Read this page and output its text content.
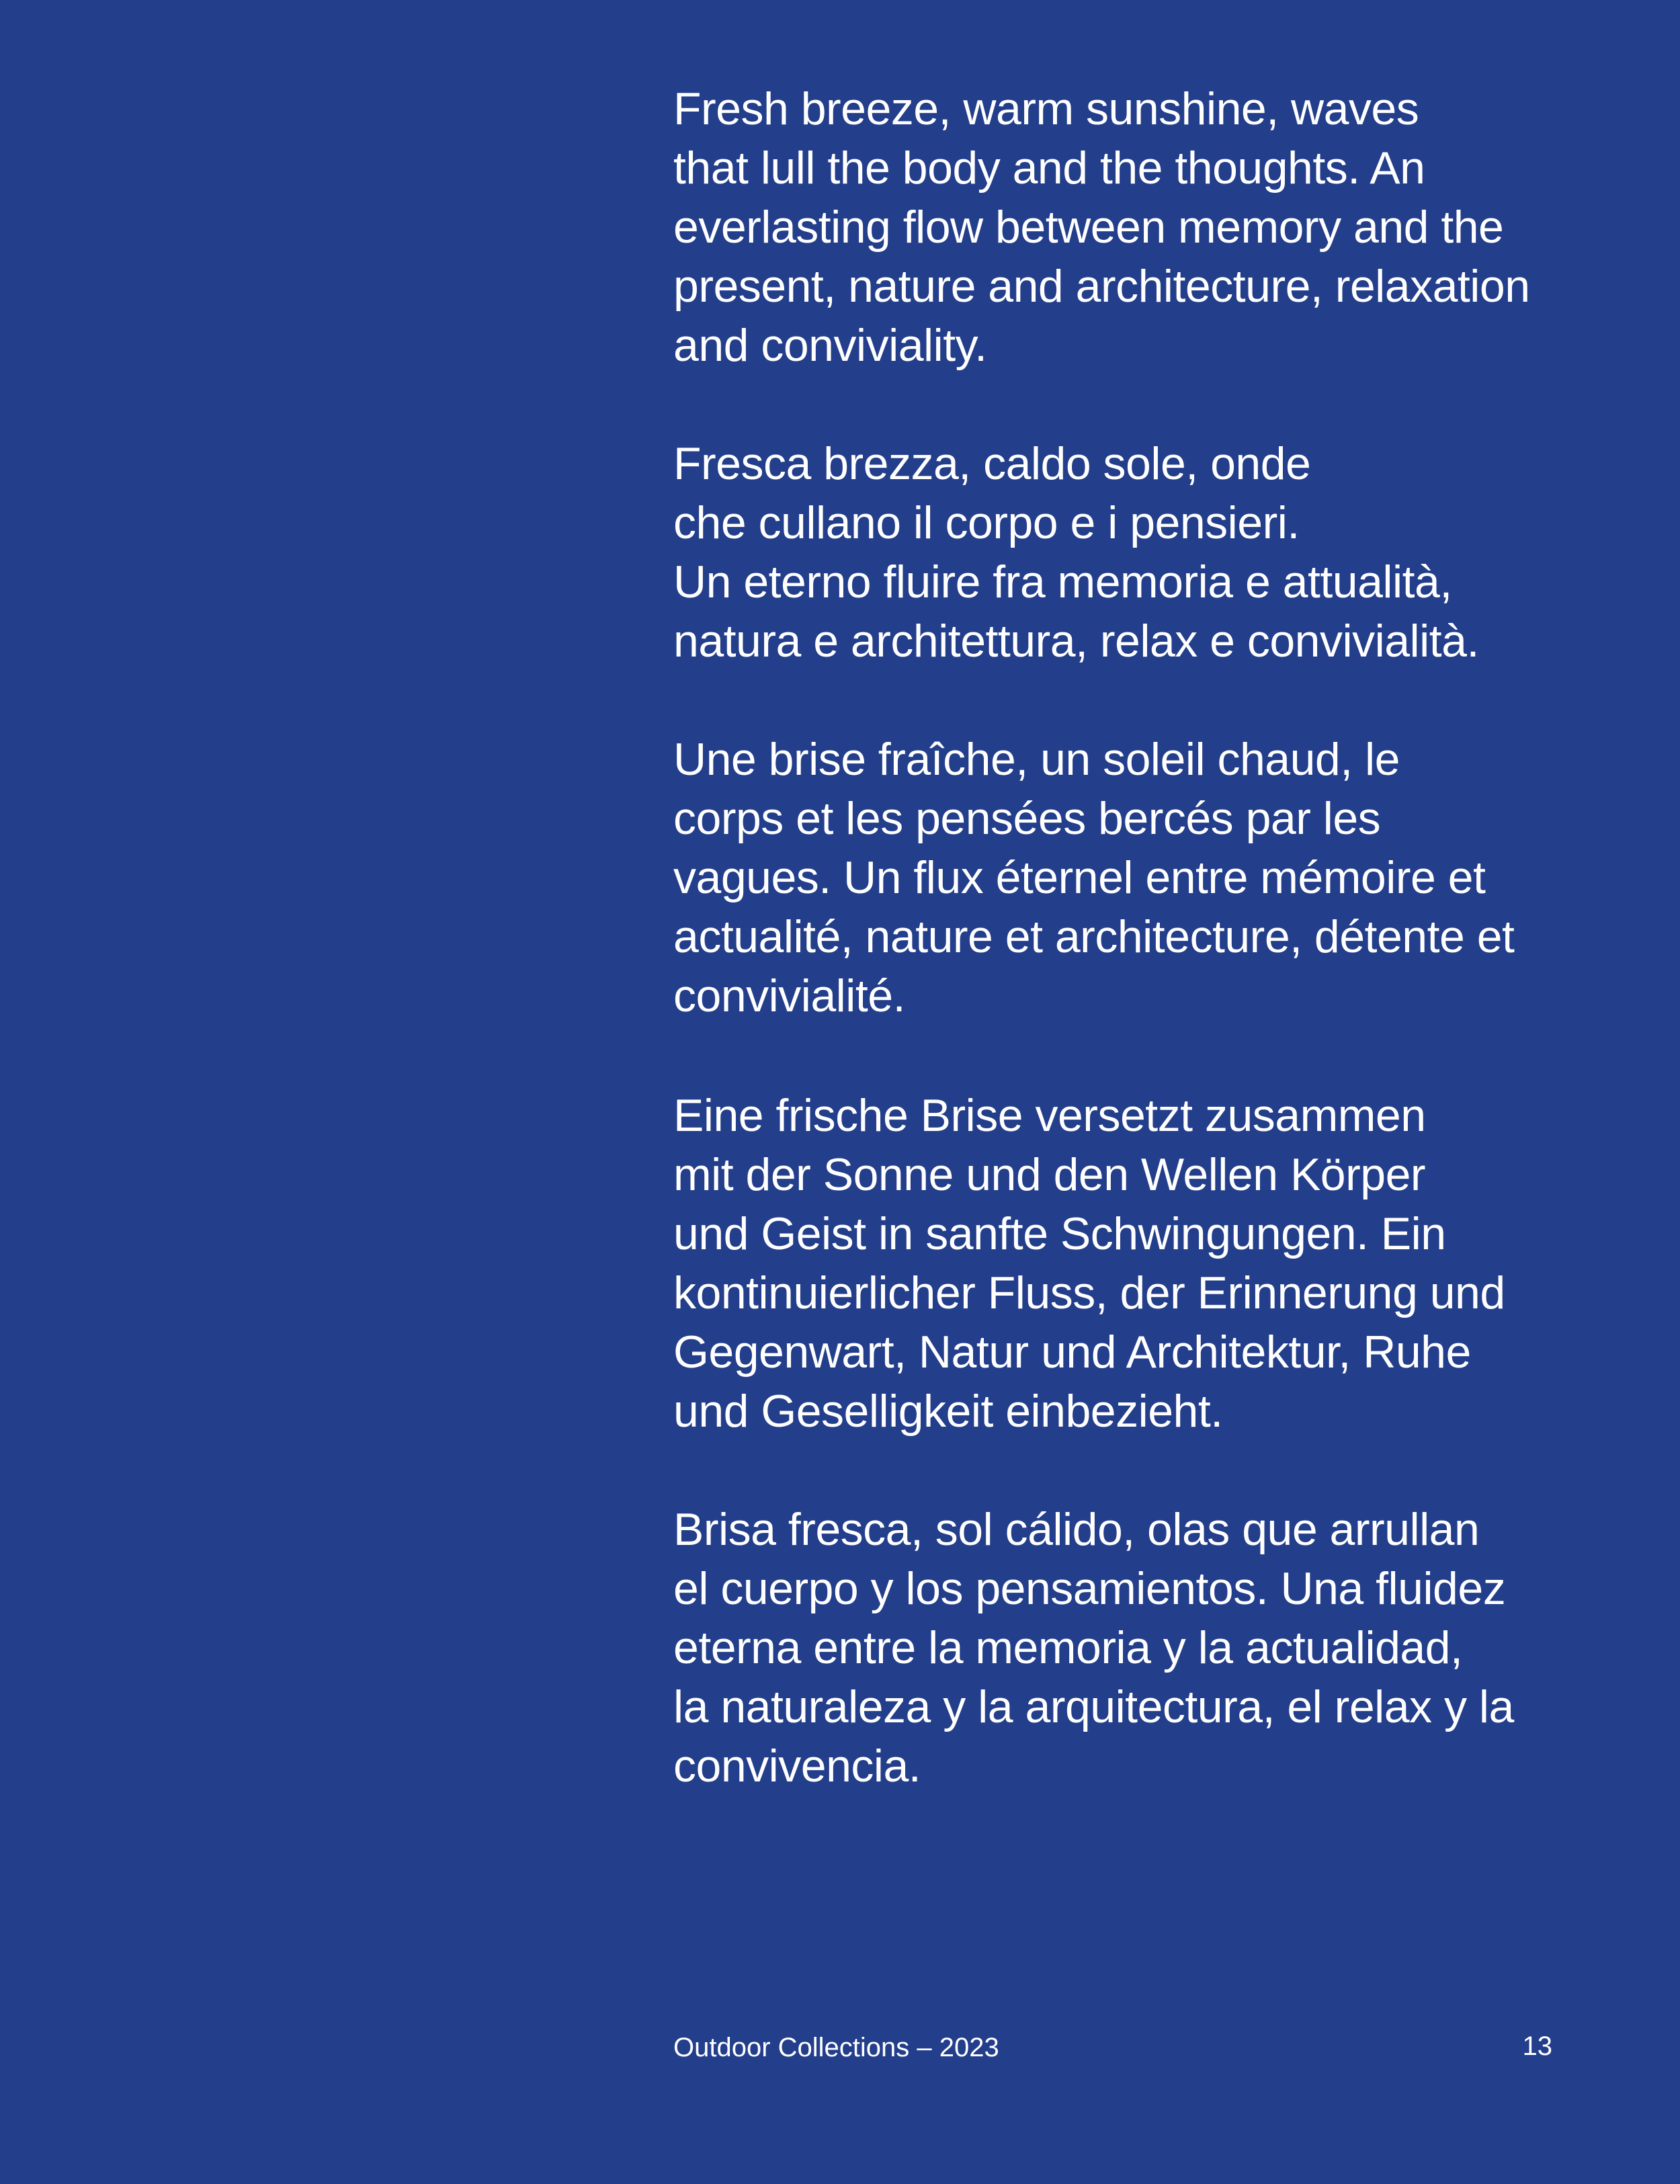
Fresh breeze, warm sunshine, waves
that lull the body and the thoughts. An
everlasting flow between memory and the
present, nature and architecture, relaxation
and conviviality.

Fresca brezza, caldo sole, onde
che cullano il corpo e i pensieri.
Un eterno fluire fra memoria e attualità,
natura e architettura, relax e convivialità.

Une brise fraîche, un soleil chaud, le
corps et les pensées bercés par les
vagues. Un flux éternel entre mémoire et
actualité, nature et architecture, détente et
convivialité.

Eine frische Brise versetzt zusammen
mit der Sonne und den Wellen Körper
und Geist in sanfte Schwingungen. Ein
kontinuierlicher Fluss, der Erinnerung und
Gegenwart, Natur und Architektur, Ruhe
und Geselligkeit einbezieht.

Brisa fresca, sol cálido, olas que arrullan
el cuerpo y los pensamientos. Una fluidez
eterna entre la memoria y la actualidad,
la naturaleza y la arquitectura, el relax y la
convivencia.

Outdoor Collections – 2023	13
